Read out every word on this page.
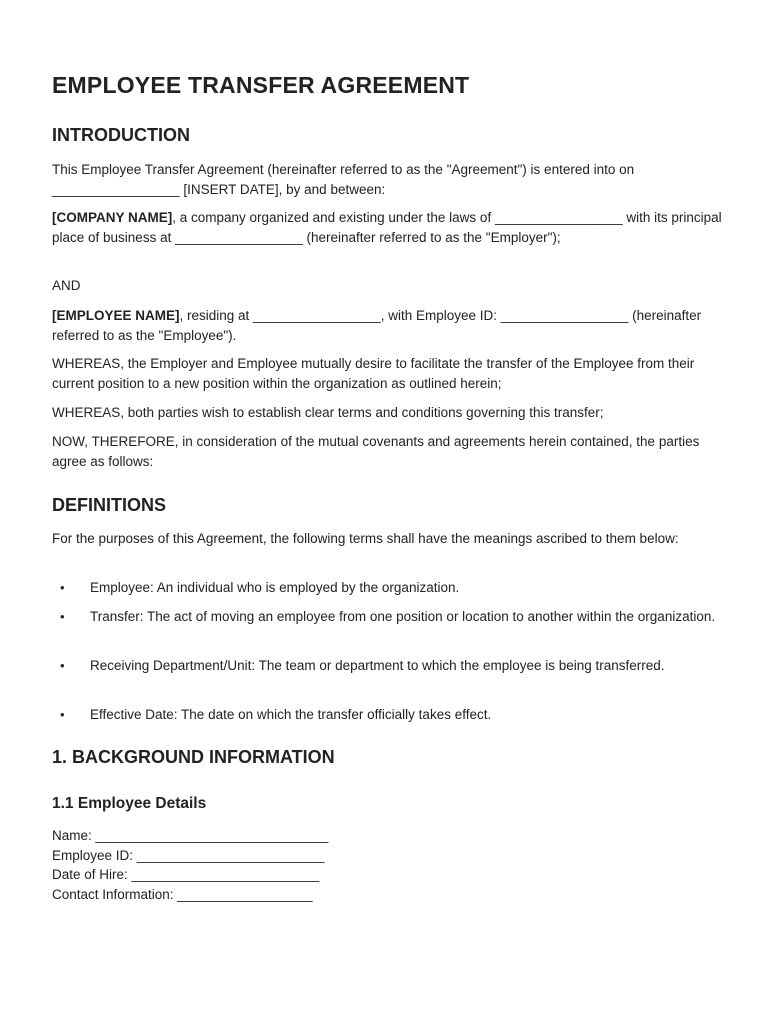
EMPLOYEE TRANSFER AGREEMENT
INTRODUCTION

This Employee Transfer Agreement (hereinafter referred to as the "Agreement") is entered into on _________________ [INSERT DATE], by and between:

[COMPANY NAME], a company organized and existing under the laws of _________________ with its principal place of business at _________________ (hereinafter referred to as the "Employer");

AND

[EMPLOYEE NAME], residing at _________________, with Employee ID: _________________ (hereinafter referred to as the "Employee").

WHEREAS, the Employer and Employee mutually desire to facilitate the transfer of the Employee from their current position to a new position within the organization as outlined herein;

WHEREAS, both parties wish to establish clear terms and conditions governing this transfer;

NOW, THEREFORE, in consideration of the mutual covenants and agreements herein contained, the parties agree as follows:

DEFINITIONS

For the purposes of this Agreement, the following terms shall have the meanings ascribed to them below:

• Employee: An individual who is employed by the organization.
• Transfer: The act of moving an employee from one position or location to another within the organization.
• Receiving Department/Unit: The team or department to which the employee is being transferred.
• Effective Date: The date on which the transfer officially takes effect.
1. BACKGROUND INFORMATION
1.1 Employee Details
Name: _______________________________
Employee ID: _________________________
Date of Hire: _________________________
Contact Information: __________________
